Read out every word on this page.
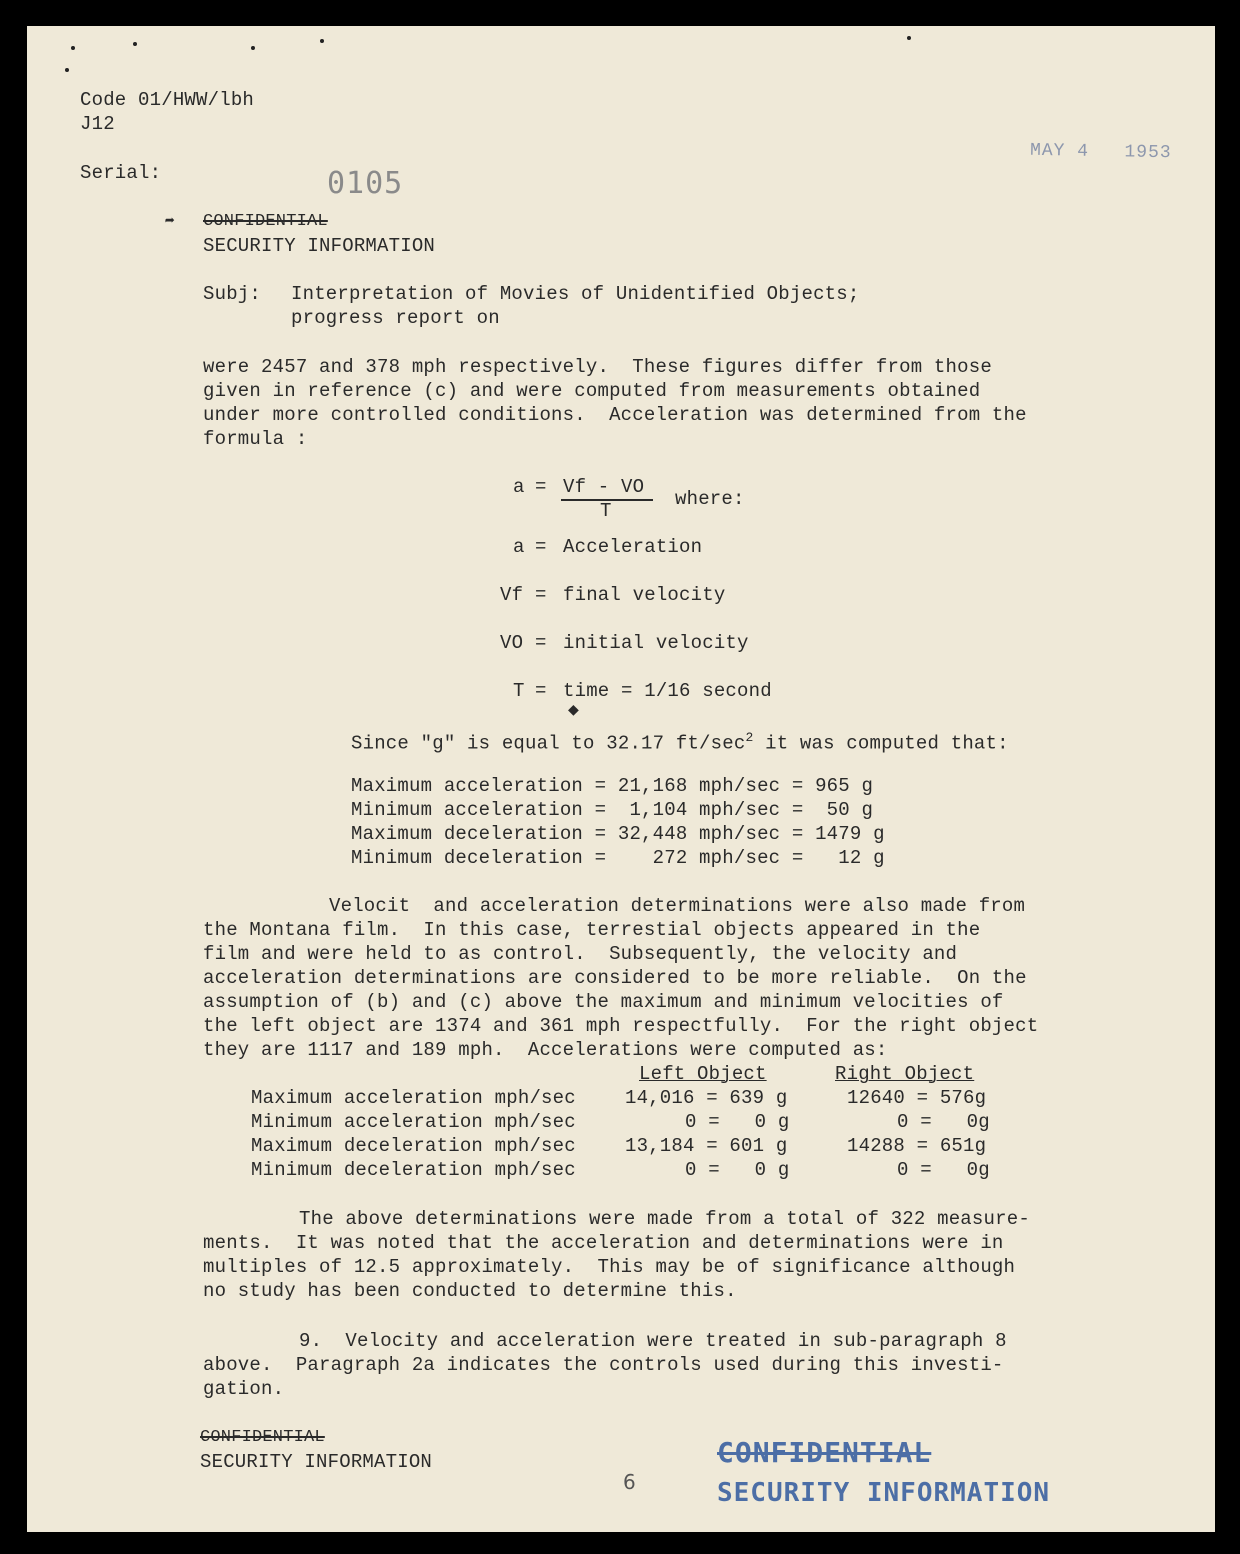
Code 01/HWW/lbh
J12
Serial:	0105
MAY 4   1953
➦ CONFIDENTIAL
SECURITY INFORMATION
Subj: Interpretation of Movies of Unidentified Objects;
progress report on
were 2457 and 378 mph respectively.  These figures differ from those
given in reference (c) and were computed from measurements obtained
under more controlled conditions.  Acceleration was determined from the
formula :
a = Vf - VO
T
where:
a = Acceleration
Vf = final velocity
VO = initial velocity
T = time = 1/16 second
◆
Since "g" is equal to 32.17 $ft/\sec^2$ it was computed that:
Maximum acceleration = 21,168 mph/sec = 965 g
Minimum acceleration =  1,104 mph/sec =  50 g
Maximum deceleration = 32,448 mph/sec = 1479 g
Minimum deceleration =    272 mph/sec =   12 g
Velocit  and acceleration determinations were also made from
the Montana film.  In this case, terrestial objects appeared in the
film and were held to as control.  Subsequently, the velocity and
acceleration determinations are considered to be more reliable.  On the
assumption of (b) and (c) above the maximum and minimum velocities of
the left object are 1374 and 361 mph respectfully.  For the right object
they are 1117 and 189 mph.  Accelerations were computed as:
Left Object	Right Object
Maximum acceleration mph/sec	14,016 = 639 g	12640 = 576g
Minimum acceleration mph/sec	0 =   0 g	0 =   0g
Maximum deceleration mph/sec	13,184 = 601 g	14288 = 651g
Minimum deceleration mph/sec	0 =   0 g	0 =   0g
The above determinations were made from a total of 322 measure-
ments.  It was noted that the acceleration and determinations were in
multiples of 12.5 approximately.  This may be of significance although
no study has been conducted to determine this.
9.  Velocity and acceleration were treated in sub-paragraph 8
above.  Paragraph 2a indicates the controls used during this investi-
gation.
CONFIDENTIAL
SECURITY INFORMATION
6
CONFIDENTIAL
SECURITY INFORMATION
